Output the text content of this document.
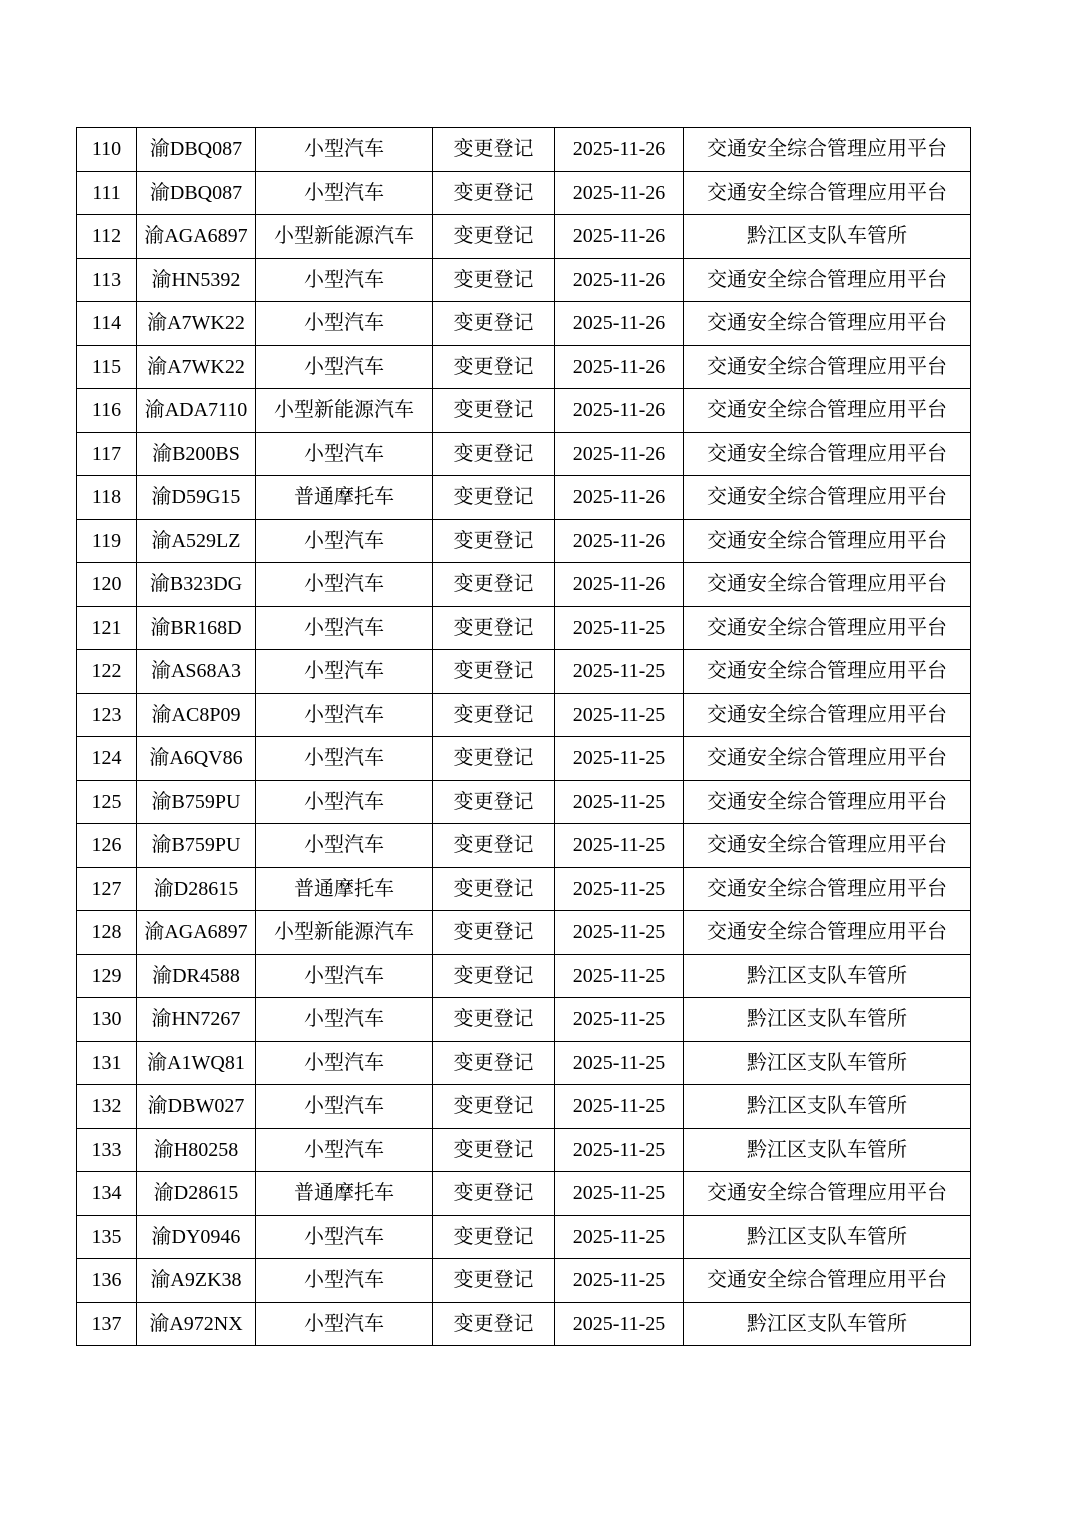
110	渝DBQ087	小型汽车	变更登记	2025-11-26	交通安全综合管理应用平台
111	渝DBQ087	小型汽车	变更登记	2025-11-26	交通安全综合管理应用平台
112	渝AGA6897	小型新能源汽车	变更登记	2025-11-26	黔江区支队车管所
113	渝HN5392	小型汽车	变更登记	2025-11-26	交通安全综合管理应用平台
114	渝A7WK22	小型汽车	变更登记	2025-11-26	交通安全综合管理应用平台
115	渝A7WK22	小型汽车	变更登记	2025-11-26	交通安全综合管理应用平台
116	渝ADA7110	小型新能源汽车	变更登记	2025-11-26	交通安全综合管理应用平台
117	渝B200BS	小型汽车	变更登记	2025-11-26	交通安全综合管理应用平台
118	渝D59G15	普通摩托车	变更登记	2025-11-26	交通安全综合管理应用平台
119	渝A529LZ	小型汽车	变更登记	2025-11-26	交通安全综合管理应用平台
120	渝B323DG	小型汽车	变更登记	2025-11-26	交通安全综合管理应用平台
121	渝BR168D	小型汽车	变更登记	2025-11-25	交通安全综合管理应用平台
122	渝AS68A3	小型汽车	变更登记	2025-11-25	交通安全综合管理应用平台
123	渝AC8P09	小型汽车	变更登记	2025-11-25	交通安全综合管理应用平台
124	渝A6QV86	小型汽车	变更登记	2025-11-25	交通安全综合管理应用平台
125	渝B759PU	小型汽车	变更登记	2025-11-25	交通安全综合管理应用平台
126	渝B759PU	小型汽车	变更登记	2025-11-25	交通安全综合管理应用平台
127	渝D28615	普通摩托车	变更登记	2025-11-25	交通安全综合管理应用平台
128	渝AGA6897	小型新能源汽车	变更登记	2025-11-25	交通安全综合管理应用平台
129	渝DR4588	小型汽车	变更登记	2025-11-25	黔江区支队车管所
130	渝HN7267	小型汽车	变更登记	2025-11-25	黔江区支队车管所
131	渝A1WQ81	小型汽车	变更登记	2025-11-25	黔江区支队车管所
132	渝DBW027	小型汽车	变更登记	2025-11-25	黔江区支队车管所
133	渝H80258	小型汽车	变更登记	2025-11-25	黔江区支队车管所
134	渝D28615	普通摩托车	变更登记	2025-11-25	交通安全综合管理应用平台
135	渝DY0946	小型汽车	变更登记	2025-11-25	黔江区支队车管所
136	渝A9ZK38	小型汽车	变更登记	2025-11-25	交通安全综合管理应用平台
137	渝A972NX	小型汽车	变更登记	2025-11-25	黔江区支队车管所
